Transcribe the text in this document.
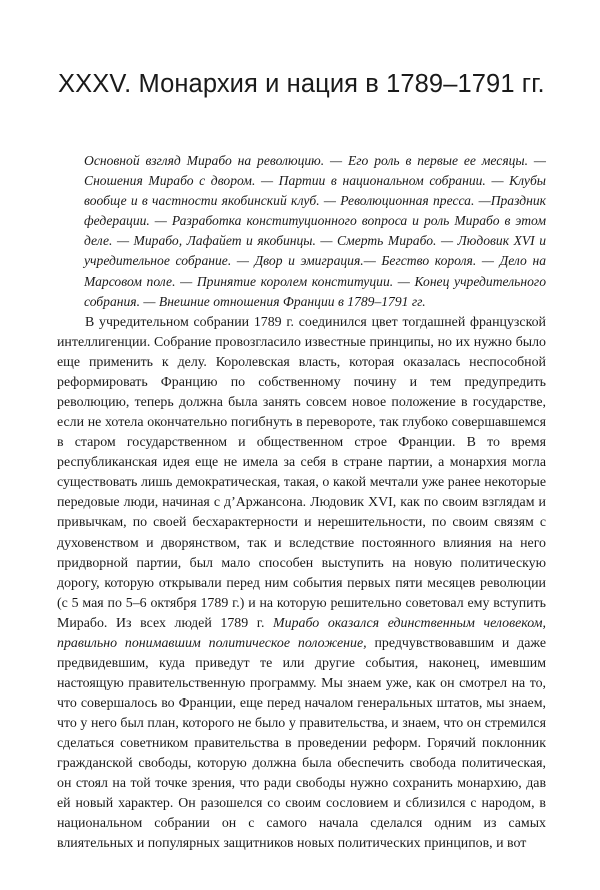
XXXV. Монархия и нация в 1789–1791 гг.

Основной взгляд Мирабо на революцию. — Его роль в первые ее месяцы. — Сношения Мирабо с двором. — Партии в национальном собрании. — Клубы вообще и в частности якобинский клуб. — Революционная пресса. —Праздник федерации. — Разработка конституционного вопроса и роль Мирабо в этом деле. — Мирабо, Лафайет и якобинцы. — Смерть Мирабо. — Людовик XVI и учредительное собрание. — Двор и эмиграция.— Бегство короля. — Дело на Марсовом поле. — Принятие королем конституции. — Конец учредительного собрания. — Внешние отношения Франции в 1789–1791 гг.

В учредительном собрании 1789 г. соединился цвет тогдашней французской интеллигенции. Собрание провозгласило известные принципы, но их нужно было еще применить к делу. Королевская власть, которая оказалась неспособной реформировать Францию по собственному почину и тем предупредить революцию, теперь должна была занять совсем новое положение в государстве, если не хотела окончательно погибнуть в перевороте, так глубоко совершавшемся в старом государственном и общественном строе Франции. В то время республиканская идея еще не имела за себя в стране партии, а монархия могла существовать лишь демократическая, такая, о какой мечтали уже ранее некоторые передовые люди, начиная с д’Аржансона. Людовик XVI, как по своим взглядам и привычкам, по своей бесхарактерности и нерешительности, по своим связям с духовенством и дворянством, так и вследствие постоянного влияния на него придворной партии, был мало способен выступить на новую политическую дорогу, которую открывали перед ним события первых пяти месяцев революции (с 5 мая по 5–6 октября 1789 г.) и на которую решительно советовал ему вступить Мирабо. Из всех людей 1789 г. Мирабо оказался единственным человеком, правильно понимавшим политическое положение, предчувствовавшим и даже предвидевшим, куда приведут те или другие события, наконец, имевшим настоящую правительственную программу. Мы знаем уже, как он смотрел на то, что совершалось во Франции, еще перед началом генеральных штатов, мы знаем, что у него был план, которого не было у правительства, и знаем, что он стремился сделаться советником правительства в проведении реформ. Горячий поклонник гражданской свободы, которую должна была обеспечить свобода политическая, он стоял на той точке зрения, что ради свободы нужно сохранить монархию, дав ей новый характер. Он разошелся со своим сословием и сблизился с народом, в национальном собрании он с самого начала сделался одним из самых влиятельных и популярных защитников новых политических принципов, и вот
